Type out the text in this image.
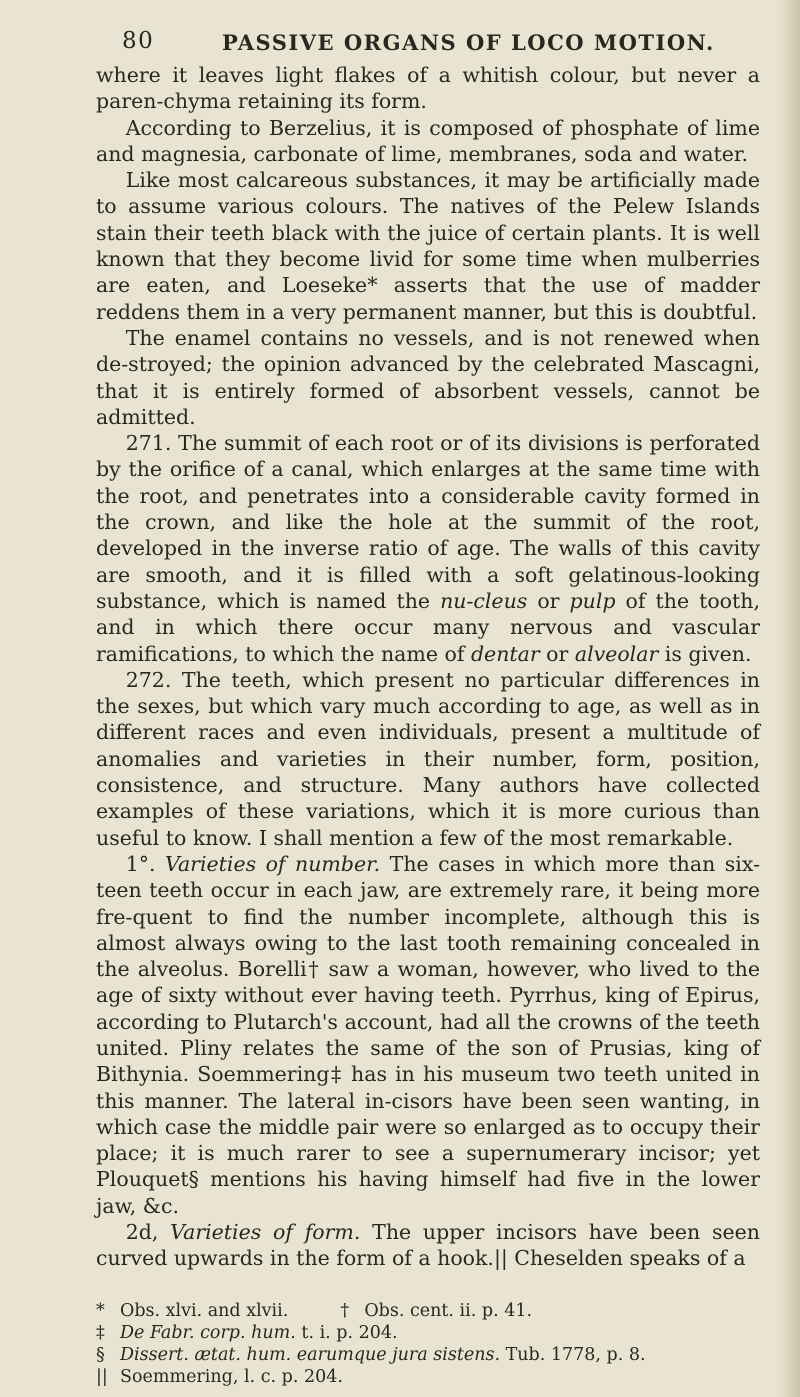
80	PASSIVE ORGANS OF LOCO MOTION.

where it leaves light flakes of a whitish colour, but never a paren-chyma retaining its form.

According to Berzelius, it is composed of phosphate of lime and magnesia, carbonate of lime, membranes, soda and water.

Like most calcareous substances, it may be artificially made to assume various colours. The natives of the Pelew Islands stain their teeth black with the juice of certain plants. It is well known that they become livid for some time when mulberries are eaten, and Loeseke* asserts that the use of madder reddens them in a very permanent manner, but this is doubtful.

The enamel contains no vessels, and is not renewed when de-stroyed; the opinion advanced by the celebrated Mascagni, that it is entirely formed of absorbent vessels, cannot be admitted.

271. The summit of each root or of its divisions is perforated by the orifice of a canal, which enlarges at the same time with the root, and penetrates into a considerable cavity formed in the crown, and like the hole at the summit of the root, developed in the inverse ratio of age. The walls of this cavity are smooth, and it is filled with a soft gelatinous-looking substance, which is named the nu-cleus or pulp of the tooth, and in which there occur many nervous and vascular ramifications, to which the name of dentar or alveolar is given.

272. The teeth, which present no particular differences in the sexes, but which vary much according to age, as well as in different races and even individuals, present a multitude of anomalies and varieties in their number, form, position, consistence, and structure. Many authors have collected examples of these variations, which it is more curious than useful to know. I shall mention a few of the most remarkable.

1°. Varieties of number. The cases in which more than six-teen teeth occur in each jaw, are extremely rare, it being more fre-quent to find the number incomplete, although this is almost always owing to the last tooth remaining concealed in the alveolus. Borelli† saw a woman, however, who lived to the age of sixty without ever having teeth. Pyrrhus, king of Epirus, according to Plutarch's account, had all the crowns of the teeth united. Pliny relates the same of the son of Prusias, king of Bithynia. Soemmering‡ has in his museum two teeth united in this manner. The lateral in-cisors have been seen wanting, in which case the middle pair were so enlarged as to occupy their place; it is much rarer to see a supernumerary incisor; yet Plouquet§ mentions his having himself had five in the lower jaw, &c.

2d, Varieties of form. The upper incisors have been seen curved upwards in the form of a hook.|| Cheselden speaks of a

* Obs. xlvi. and xlvii.	† Obs. cent. ii. p. 41.
‡ De Fabr. corp. hum. t. i. p. 204.
§ Dissert. ætat. hum. earumque jura sistens. Tub. 1778, p. 8.
|| Soemmering, l. c. p. 204.
